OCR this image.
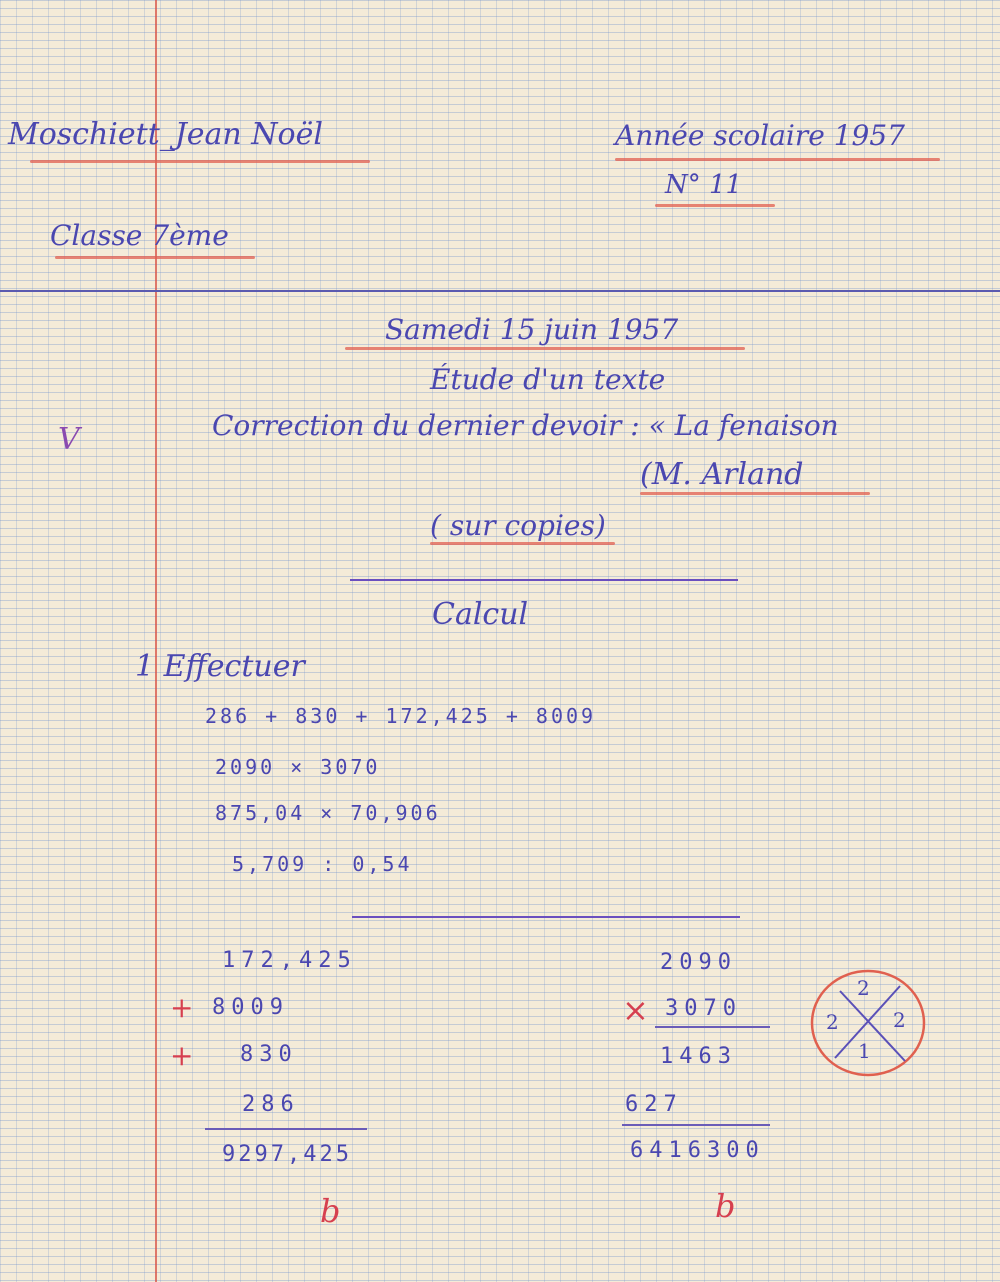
Moschiett_Jean Noël	Année scolaire 1957
N° 11
Classe 7ème
Samedi 15 juin 1957
Étude d'un texte
V	Correction du dernier devoir : « La fenaison
(M. Arland
( sur copies)
Calcul
1 Effectuer
286 + 830 + 172,425 + 8009
2090 × 3070
875,04 × 70,906
5,709 : 0,54
172,425
+ 8009
+ 830
286
9297,425
b
2090
× 3070
1463
627
6416300
b
2
2	2
1
